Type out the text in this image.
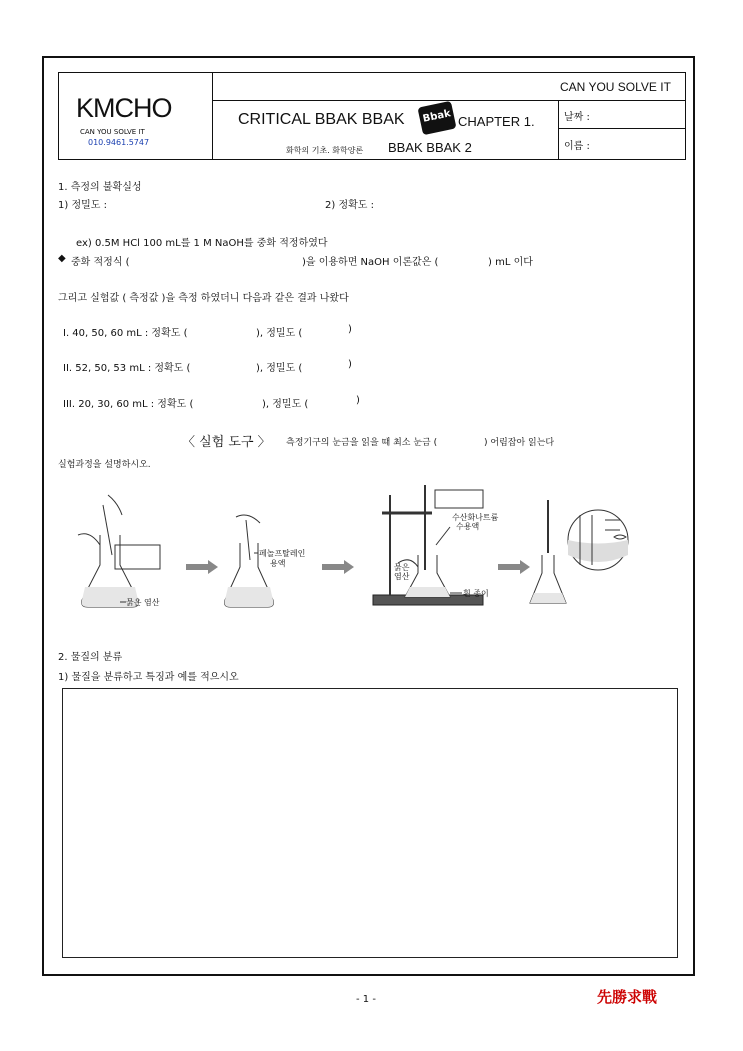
KMCHO
CAN YOU SOLVE IT
010.9461.5747
CAN YOU SOLVE IT
CRITICAL BBAK BBAK Bbak CHAPTER 1.	날짜 :
이름 :
화학의 기초. 화학양론 BBAK BBAK 2
1. 측정의 불확실성
1) 정밀도 :	2) 정확도 :
ex) 0.5M HCl 100 mL를 1 M NaOH를 중화 적정하였다
◆ 중화 적정식 (	)을 이용하면 NaOH 이론값은 (	) mL 이다
그리고 실험값 ( 측정값 )을 측정 하였더니 다음과 같은 결과 나왔다
I. 40, 50, 60 mL : 정확도 (	), 정밀도 (	)
II. 52, 50, 53 mL : 정확도 (	), 정밀도 (	)
III. 20, 30, 60 mL : 정확도 (	), 정밀도 (	)
〈 실험 도구 〉 측정기구의 눈금을 읽을 때 최소 눈금 (	) 어림잡아 읽는다
실험과정을 설명하시오.
묽은 염산
페놀프탈레인
용액
수산화나트륨
수용액
묽은
염산
흰 종이
2. 물질의 분류
1) 물질을 분류하고 특징과 예를 적으시오
- 1 -	先勝求戰
